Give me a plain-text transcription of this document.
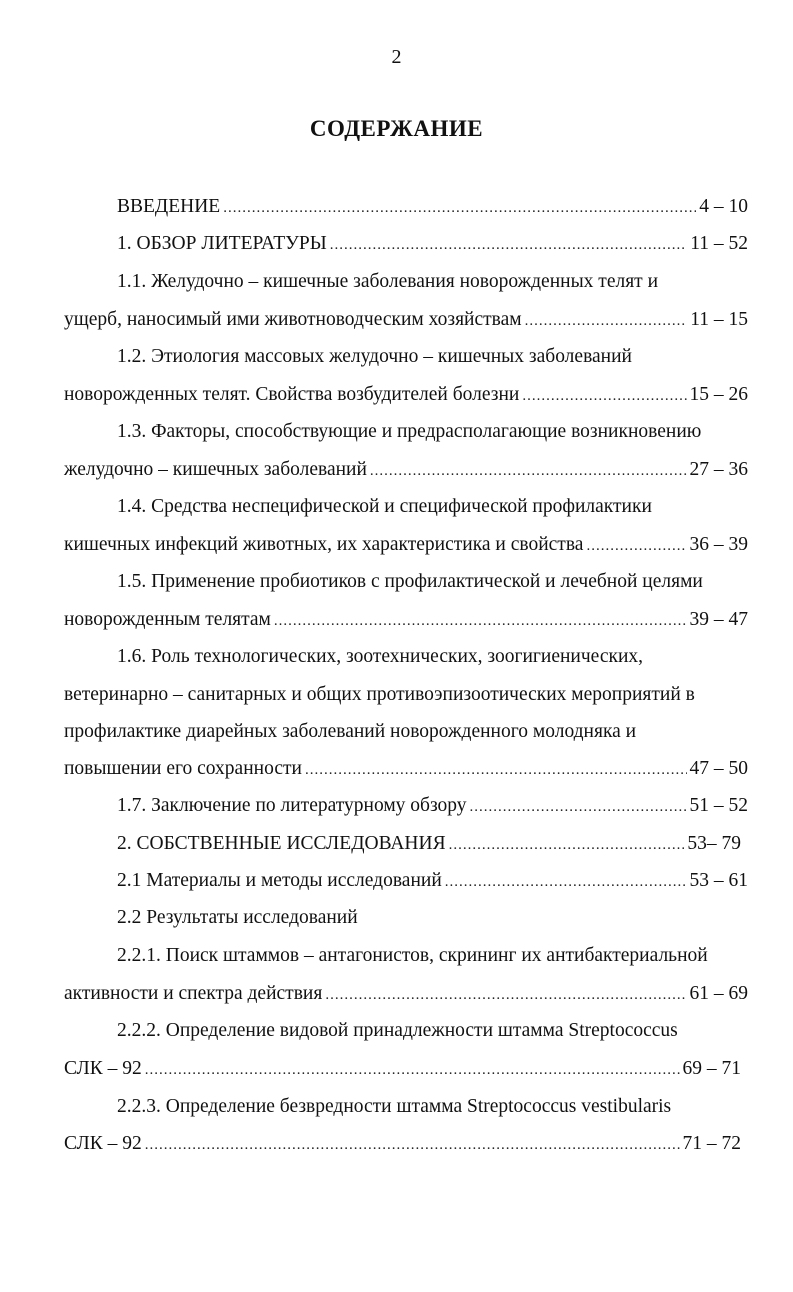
2
СОДЕРЖАНИЕ
ВВЕДЕНИЕ .....	4 – 10
1. ОБЗОР ЛИТЕРАТУРЫ .....	11 – 52
1.1. Желудочно – кишечные заболевания новорожденных телят и
ущерб, наносимый ими животноводческим хозяйствам .....	11 – 15
1.2. Этиология массовых желудочно – кишечных заболеваний
новорожденных телят. Свойства возбудителей болезни .....	15 – 26
1.3. Факторы, способствующие и предрасполагающие возникновению
желудочно – кишечных заболеваний .....	27 – 36
1.4. Средства неспецифической и специфической профилактики
кишечных инфекций животных, их характеристика и свойства .....	36 – 39
1.5. Применение пробиотиков с профилактической и лечебной целями
новорожденным телятам .....	39 – 47
1.6. Роль технологических, зоотехнических, зоогигиенических,
ветеринарно – санитарных и общих противоэпизоотических мероприятий в
профилактике диарейных заболеваний новорожденного молодняка и
повышении его сохранности .....	47 – 50
1.7. Заключение по литературному обзору .....	51 – 52
2. СОБСТВЕННЫЕ ИССЛЕДОВАНИЯ .....	53– 79
2.1 Материалы и методы исследований .....	53 – 61
2.2 Результаты исследований
2.2.1. Поиск штаммов – антагонистов, скрининг их антибактериальной
активности и спектра действия .....	61 – 69
2.2.2. Определение видовой принадлежности штамма Streptococcus
СЛК – 92 .....	69 – 71
2.2.3. Определение безвредности штамма Streptococcus vestibularis
СЛК – 92 .....	71 – 72
